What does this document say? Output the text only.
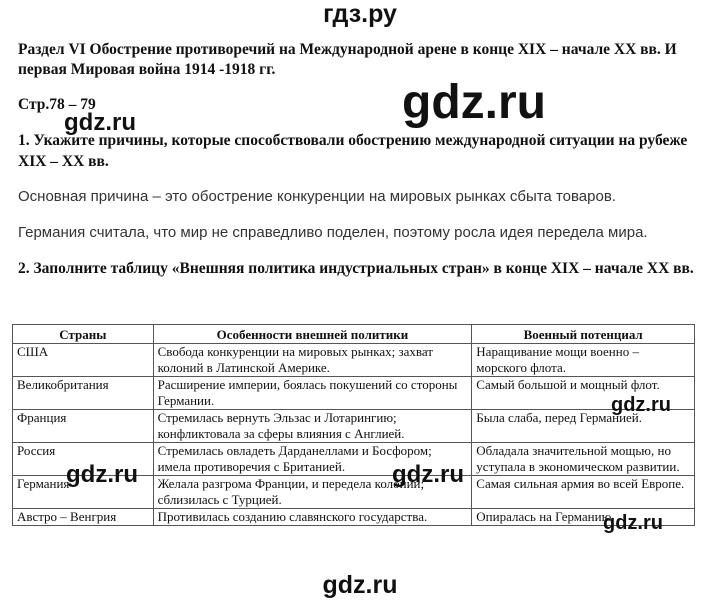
гдз.ру
Раздел VI Обострение противоречий на Международной арене в конце XIX – начале XX вв. И первая Мировая война 1914 -1918 гг.
Стр.78 – 79	gdz.ru
gdz.ru
1. Укажите причины, которые способствовали обострению международной ситуации на рубеже XIX – XX вв.
Основная причина – это обострение конкуренции на мировых рынках сбыта товаров.
Германия считала, что мир не справедливо поделен, поэтому росла идея передела мира.
2. Заполните таблицу «Внешняя политика индустриальных стран» в конце XIX – начале XX вв.
Страны	Особенности внешней политики	Военный потенциал
США	Свобода конкуренции на мировых рынках; захват колоний в Латинской Америке.	Наращивание мощи военно – морского флота.
Великобритания	Расширение империи, боялась покушений со стороны Германии.	Самый большой и мощный флот.
Франция	Стремилась вернуть Эльзас и Лотарингию; конфликтовала за сферы влияния с Англией.	Была слаба, перед Германией.
Россия	Стремилась овладеть Дарданеллами и Босфором; имела противоречия с Британией.	Обладала значительной мощью, но уступала в экономическом развитии.
Германия	Желала разгрома Франции, и передела колонии; сблизилась с Турцией.	Самая сильная армия во всей Европе.
Австро – Венгрия	Противилась созданию славянского государства.	Опиралась на Германию.
gdz.ru
gdz.ru	gdz.ru
gdz.ru
gdz.ru
